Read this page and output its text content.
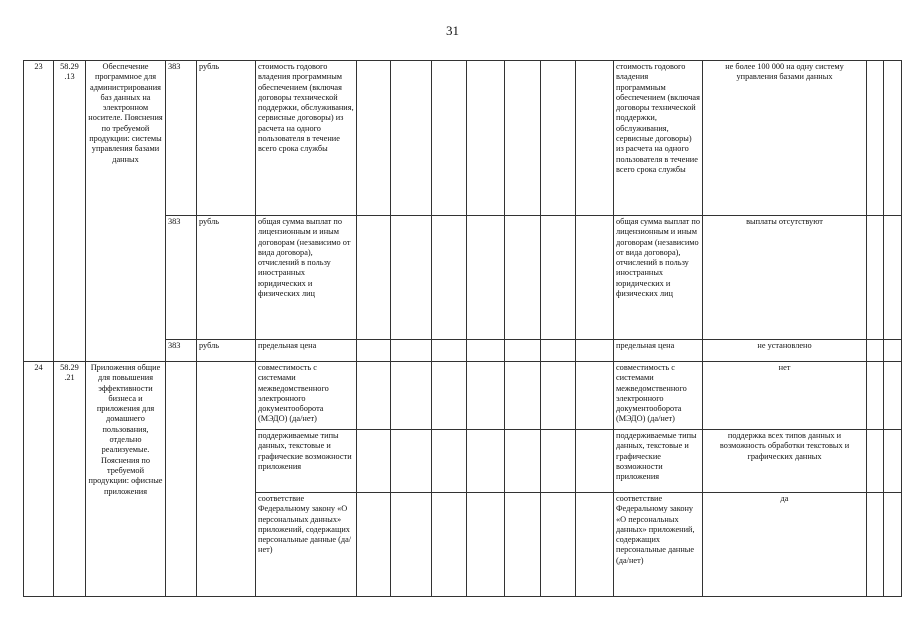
31
23	58.29 .13	Обеспечение программное для администрирования баз данных на электронном носителе. Пояснения по требуемой продукции: системы управления базами данных	383	рубль	стоимость годового владения программным обеспечением (включая договоры технической поддержки, обслуживания, сервисные договоры) из расчета на одного пользователя в течение всего срока службы								стоимость годового владения программным обеспечением (включая договоры технической поддержки, обслуживания, сервисные договоры) из расчета на одного пользователя в течение всего срока службы	не более 100 000 на одну систему управления базами данных		
			383	рубль	общая сумма выплат по лицензионным и иным договорам (независимо от вида договора), отчислений в пользу иностранных юридических и физических лиц								общая сумма выплат по лицензионным и иным договорам (независимо от вида договора), отчислений в пользу иностранных юридических и физических лиц	выплаты отсутствуют		
			383	рубль	предельная цена								предельная цена	не установлено		
24	58.29 .21	Приложения общие для повышения эффективности бизнеса и приложения для домашнего пользования, отдельно реализуемые. Пояснения по требуемой продукции: офисные приложения			совместимость с системами межведомственного электронного документооборота (МЭДО) (да/нет)								совместимость с системами межведомственного электронного документооборота (МЭДО) (да/нет)	нет		
					поддерживаемые типы данных, текстовые и графические возможности приложения								поддерживаемые типы данных, текстовые и графические возможности приложения	поддержка всех типов данных и возможность обработки текстовых и графических данных		
					соответствие Федеральному закону «О персональных данных» приложений, содержащих персональные данные (да/нет)								соответствие Федеральному закону «О персональных данных» приложений, содержащих персональные данные (да/нет)	да		
